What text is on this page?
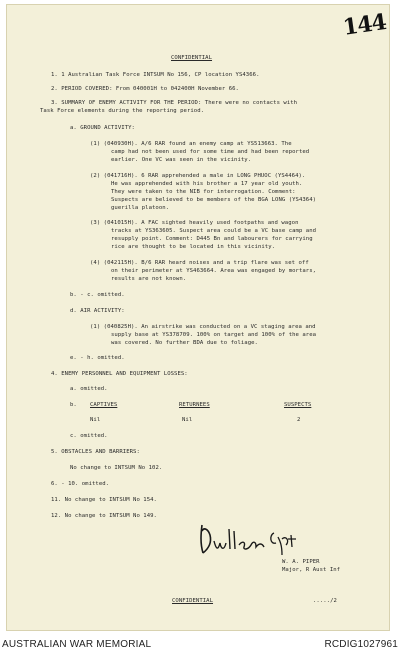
144
CONFIDENTIAL
1. 1 Australian Task Force INTSUM No 156, CP location YS4366.
2. PERIOD COVERED: From 040001H to 042400H November 66.
3. SUMMARY OF ENEMY ACTIVITY FOR THE PERIOD: There were no contacts with
Task Force elements during the reporting period.
a. GROUND ACTIVITY:
(1) (040930H). A/6 RAR found an enemy camp at YS513663. The
camp had not been used for some time and had been reported
earlier. One VC was seen in the vicinity.
(2) (041716H). 6 RAR apprehended a male in LONG PHUOC (YS4464).
He was apprehended with his brother a 17 year old youth.
They were taken to the NIB for interrogation. Comment:
Suspects are believed to be members of the BGA LONG (YS4364)
guerilla platoon.
(3) (041015H). A FAC sighted heavily used footpaths and wagon
tracks at YS363605. Suspect area could be a VC base camp and
resupply point. Comment: D445 Bn and labourers for carrying
rice are thought to be located in this vicinity.
(4) (042115H). B/6 RAR heard noises and a trip flare was set off
on their perimeter at YS463664. Area was engaged by mortars,
results are not known.
b. - c. omitted.
d. AIR ACTIVITY:
(1) (040825H). An airstrike was conducted on a VC staging area and
supply base at YS378709. 100% on target and 100% of the area
was covered. No further BDA due to foliage.
e. - h. omitted.
4. ENEMY PERSONNEL AND EQUIPMENT LOSSES:
a. omitted.
b. CAPTIVES	RETURNEES	SUSPECTS
Nil	Nil	2
c. omitted.
5. OBSTACLES AND BARRIERS:
No change to INTSUM No 102.
6. - 10. omitted.
11. No change to INTSUM No 154.
12. No change to INTSUM No 149.
W. A. PIPER
Major, R Aust Inf
CONFIDENTIAL	...../2
AUSTRALIAN WAR MEMORIAL	RCDIG1027961
